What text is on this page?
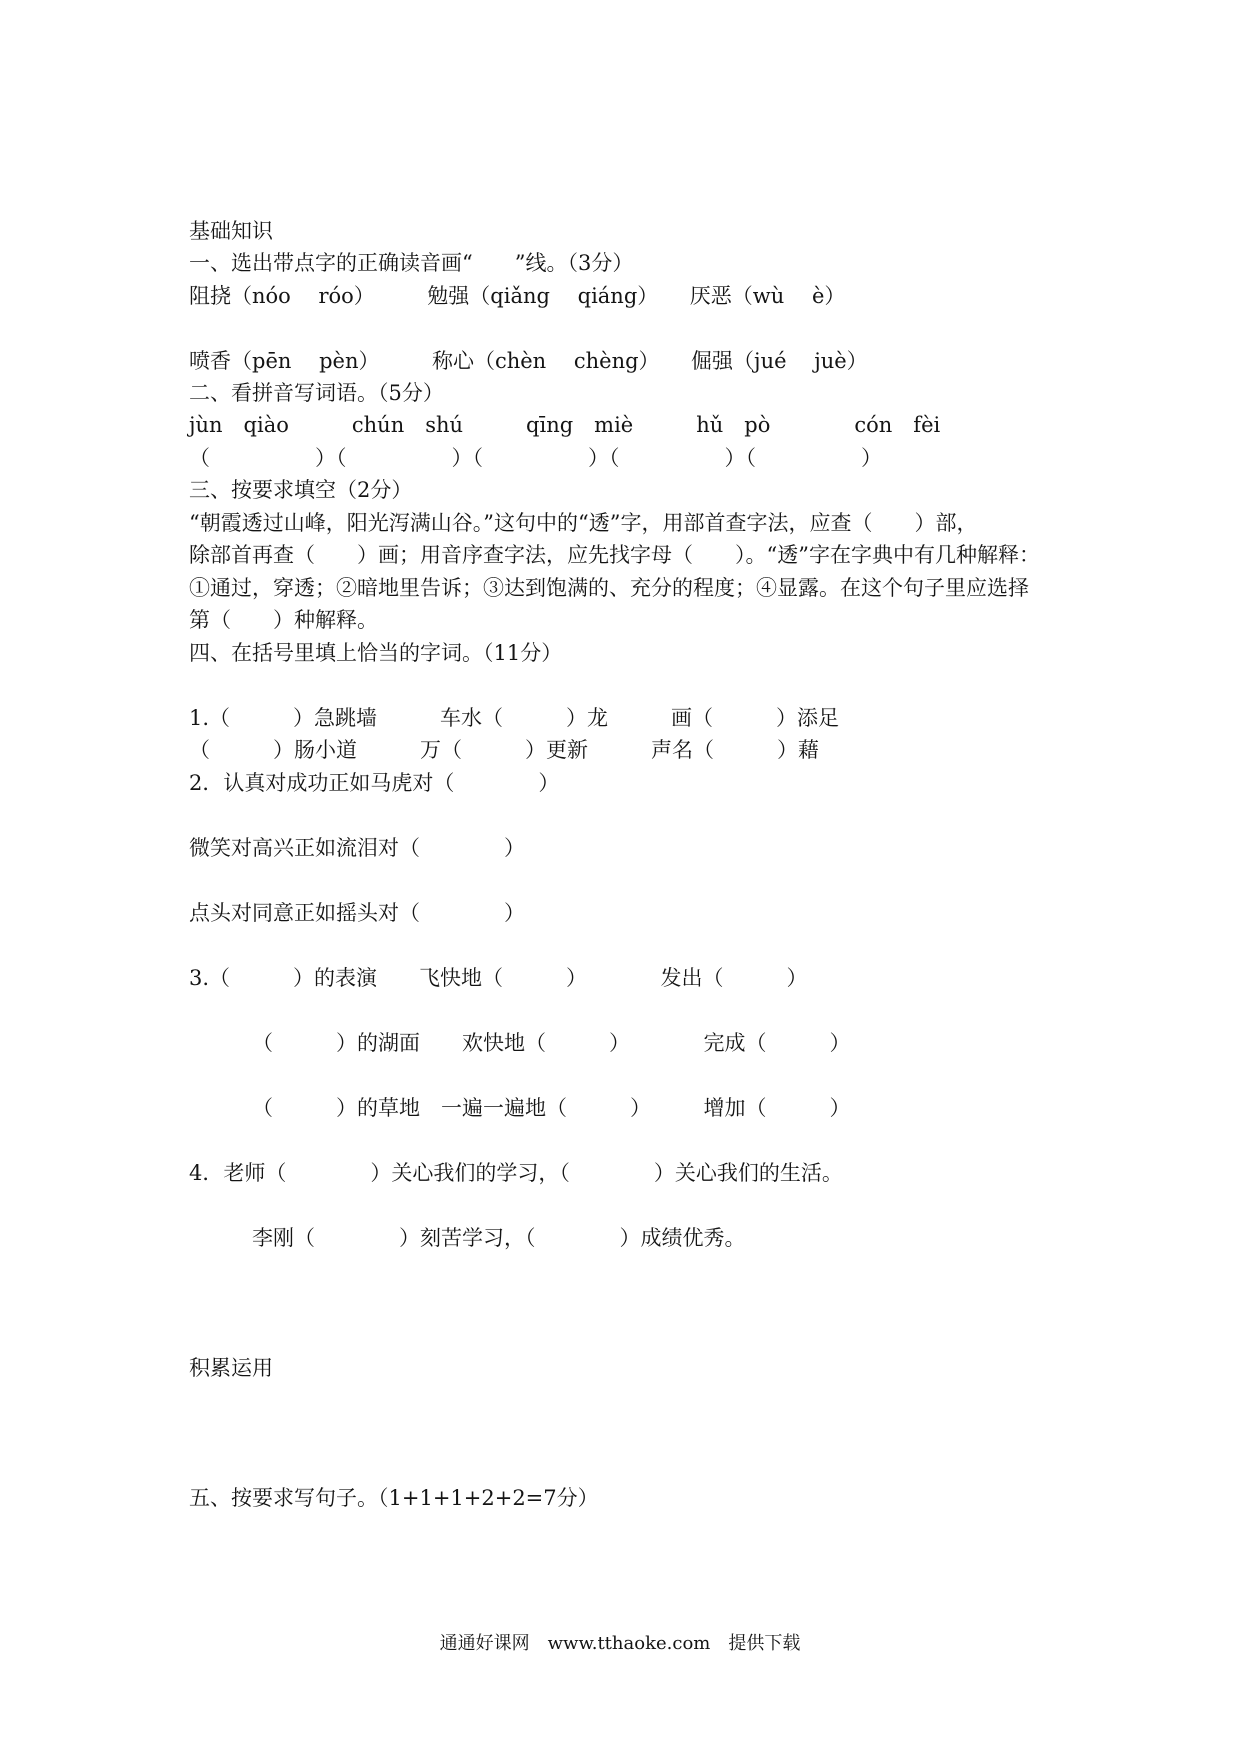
基础知识
一、选出带点字的正确读音画“　　”线。（3分）
阻挠（nóo　 róo）　　　勉强（qiǎng　 qiáng）　　厌恶（wù　 è）
喷香（pēn　 pèn）　　　称心（chèn　 chèng）　　倔强（jué　 juè）
二、看拼音写词语。（5分）
jùn　qiào　　　chún　shú　　　qīng　miè　　　hǔ　pò　　　　cón　fèi
（　　　　　）（　　　　　）（　　　　　）（　　　　　）（　　　　　）
三、按要求填空（2分）
“朝霞透过山峰，阳光泻满山谷。”这句中的“透”字，用部首查字法，应查（　　）部，
除部首再查（　　）画；用音序查字法，应先找字母（　　）。“透”字在字典中有几种解释：
①通过，穿透；②暗地里告诉；③达到饱满的、充分的程度；④显露。在这个句子里应选择
第（　　）种解释。
四、在括号里填上恰当的字词。（11分）
1.（　　　）急跳墙　　　车水（　　　）龙　　　画（　　　）添足
（　　　）肠小道　　　万（　　　）更新　　　声名（　　　）藉
2．认真对成功正如马虎对（　　　　）
微笑对高兴正如流泪对（　　　　）
点头对同意正如摇头对（　　　　）
3.（　　　）的表演　　飞快地（　　　）　　　　发出（　　　）
（　　　）的湖面　　欢快地（　　　）　　　　完成（　　　）
（　　　）的草地　一遍一遍地（　　　）　　　增加（　　　）
4．老师（　　　　）关心我们的学习，（　　　　）关心我们的生活。
李刚（　　　　）刻苦学习，（　　　　）成绩优秀。
积累运用
五、按要求写句子。（1+1+1+2+2=7分）
通通好课网　www.tthaoke.com　提供下载
